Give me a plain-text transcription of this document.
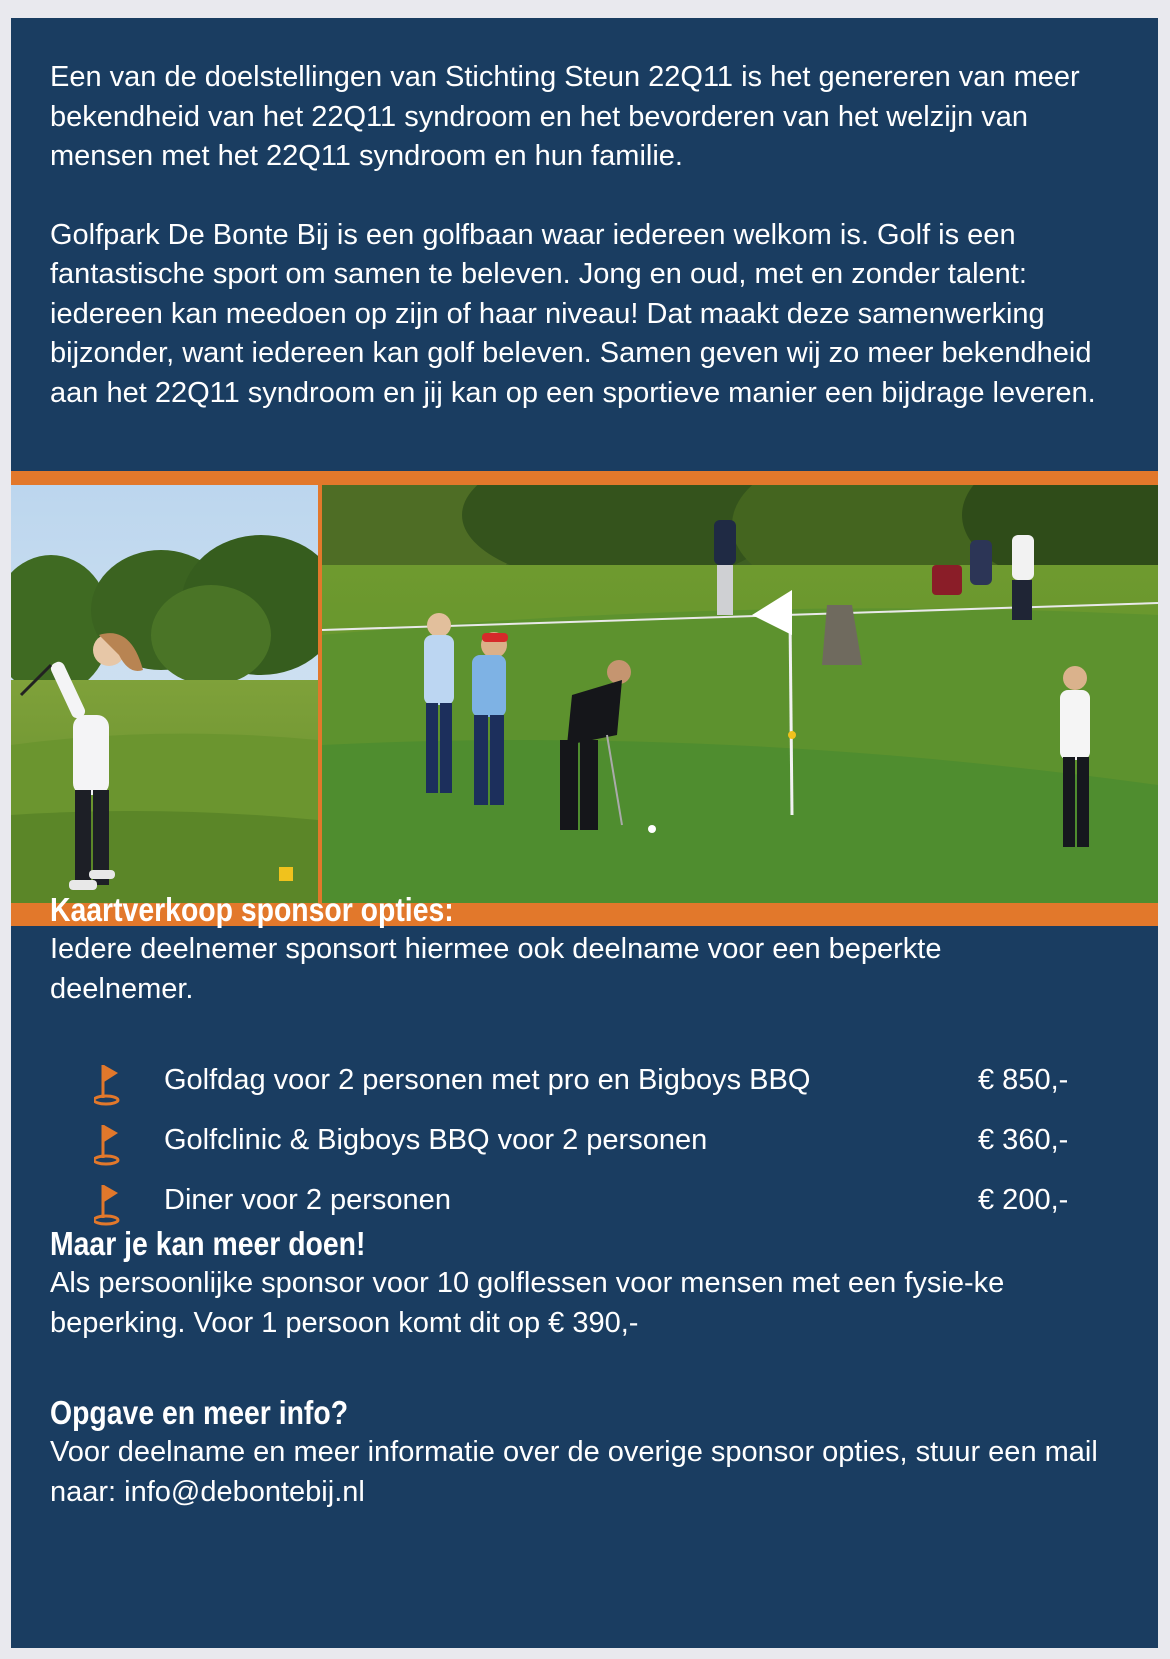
Een van de doelstellingen van Stichting Steun 22Q11 is het genereren van meer bekendheid van het 22Q11 syndroom en het bevorderen van het welzijn van mensen met het 22Q11 syndroom en hun familie.

Golfpark De Bonte Bij is een golfbaan waar iedereen welkom is. Golf is een fantastische sport om samen te beleven. Jong en oud, met en zonder talent: iedereen kan meedoen op zijn of haar niveau! Dat maakt deze samenwerking bijzonder, want iedereen kan golf beleven. Samen geven wij zo meer bekendheid aan het 22Q11 syndroom en jij kan op een sportieve manier een bijdrage leveren.

Kaartverkoop sponsor opties:

Iedere deelnemer sponsort hiermee ook deelname voor een beperkte deelnemer.

Golfdag voor 2 personen met pro en Bigboys BBQ	€ 850,-
Golfclinic & Bigboys BBQ voor 2 personen	€ 360,-
Diner voor 2 personen	€ 200,-
Maar je kan meer doen!

Als persoonlijke sponsor voor 10 golflessen voor mensen met een fysie-ke beperking. Voor 1 persoon komt dit op € 390,-

Opgave en meer info?

Voor deelname en meer informatie over de overige sponsor opties, stuur een mail naar: info@debontebij.nl
